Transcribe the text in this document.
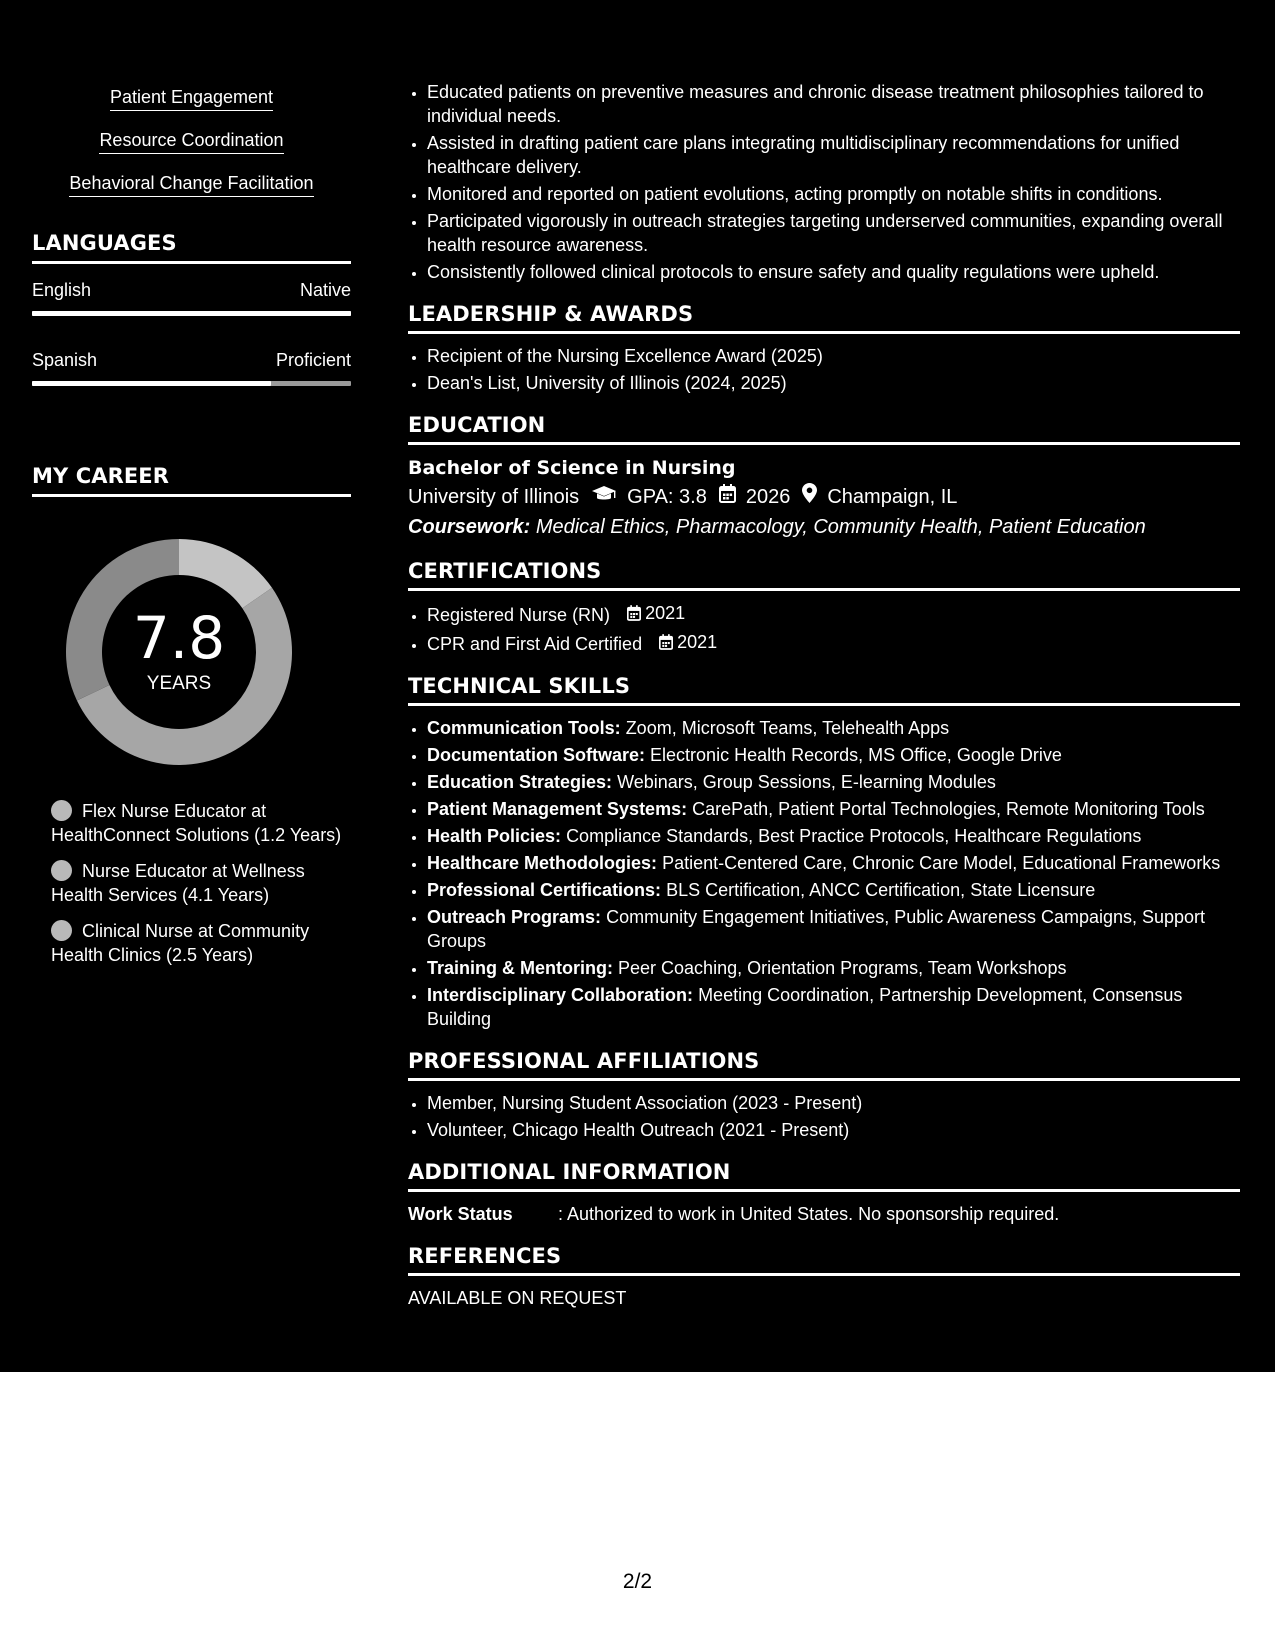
Patient Engagement
Resource Coordination
Behavioral Change Facilitation
LANGUAGES
English	Native
Spanish	Proficient
MY CAREER
7.8
YEARS
Flex Nurse Educator at HealthConnect Solutions (1.2 Years)
Nurse Educator at Wellness Health Services (4.1 Years)
Clinical Nurse at Community Health Clinics (2.5 Years)
• Educated patients on preventive measures and chronic disease treatment philosophies tailored to individual needs.
• Assisted in drafting patient care plans integrating multidisciplinary recommendations for unified healthcare delivery.
• Monitored and reported on patient evolutions, acting promptly on notable shifts in conditions.
• Participated vigorously in outreach strategies targeting underserved communities, expanding overall health resource awareness.
• Consistently followed clinical protocols to ensure safety and quality regulations were upheld.
LEADERSHIP & AWARDS
• Recipient of the Nursing Excellence Award (2025)
• Dean's List, University of Illinois (2024, 2025)
EDUCATION
Bachelor of Science in Nursing
University of Illinois GPA: 3.8 2026 Champaign, IL
Coursework: Medical Ethics, Pharmacology, Community Health, Patient Education
CERTIFICATIONS
• Registered Nurse (RN) 2021
• CPR and First Aid Certified 2021
TECHNICAL SKILLS
• Communication Tools: Zoom, Microsoft Teams, Telehealth Apps
• Documentation Software: Electronic Health Records, MS Office, Google Drive
• Education Strategies: Webinars, Group Sessions, E-learning Modules
• Patient Management Systems: CarePath, Patient Portal Technologies, Remote Monitoring Tools
• Health Policies: Compliance Standards, Best Practice Protocols, Healthcare Regulations
• Healthcare Methodologies: Patient-Centered Care, Chronic Care Model, Educational Frameworks
• Professional Certifications: BLS Certification, ANCC Certification, State Licensure
• Outreach Programs: Community Engagement Initiatives, Public Awareness Campaigns, Support Groups
• Training & Mentoring: Peer Coaching, Orientation Programs, Team Workshops
• Interdisciplinary Collaboration: Meeting Coordination, Partnership Development, Consensus Building
PROFESSIONAL AFFILIATIONS
• Member, Nursing Student Association (2023 - Present)
• Volunteer, Chicago Health Outreach (2021 - Present)
ADDITIONAL INFORMATION
Work Status	: Authorized to work in United States. No sponsorship required.
REFERENCES
AVAILABLE ON REQUEST
2/2
